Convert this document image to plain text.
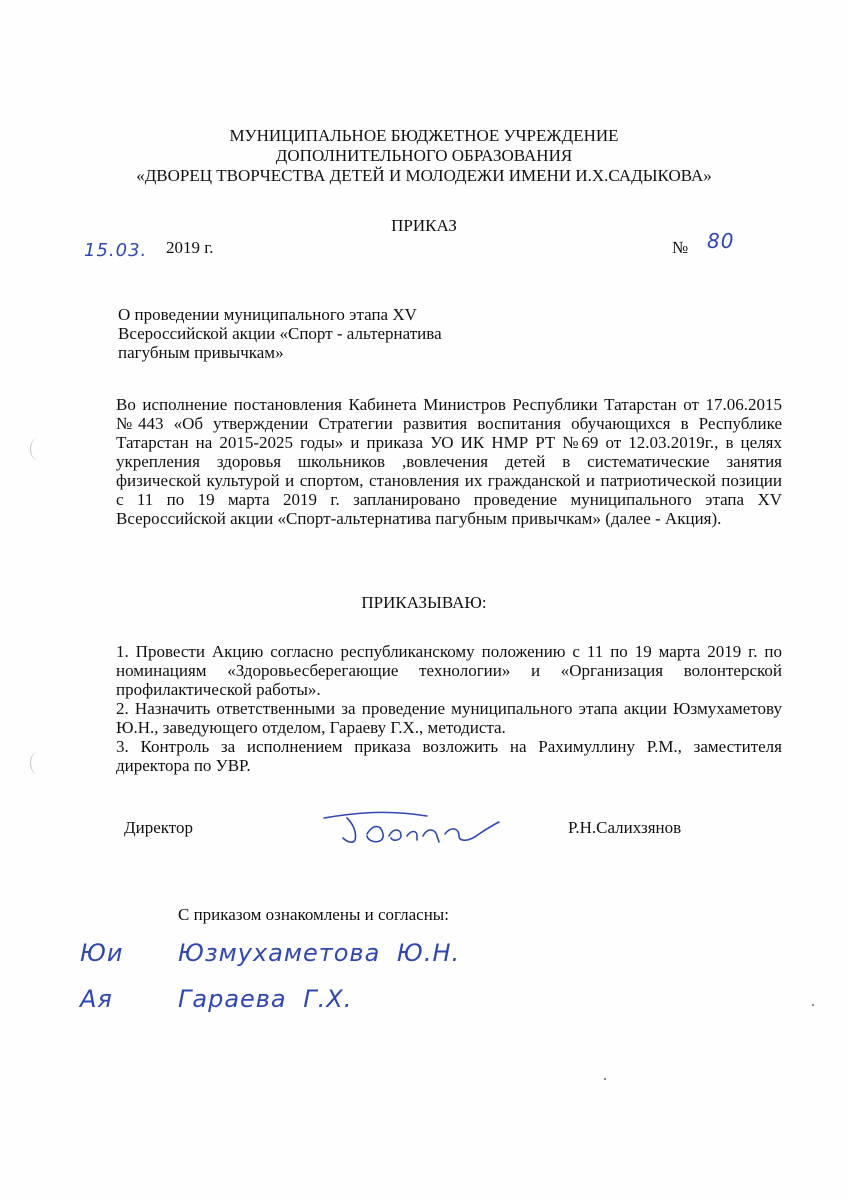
МУНИЦИПАЛЬНОЕ БЮДЖЕТНОЕ УЧРЕЖДЕНИЕ
ДОПОЛНИТЕЛЬНОГО ОБРАЗОВАНИЯ
«ДВОРЕЦ ТВОРЧЕСТВА ДЕТЕЙ И МОЛОДЕЖИ ИМЕНИ И.Х.САДЫКОВА»
ПРИКАЗ
15.03. 2019 г.	№ 80
О проведении муниципального этапа XV
Всероссийской акции «Спорт - альтернатива
пагубным привычкам»

Во исполнение постановления Кабинета Министров Республики Татарстан от 17.06.2015 №443 «Об утверждении Стратегии развития воспитания обучающихся в Республике Татарстан на 2015-2025 годы» и приказа УО ИК НМР РТ №69 от 12.03.2019г., в целях укрепления здоровья школьников ,вовлечения детей в систематические занятия физической культурой и спортом, становления их гражданской и патриотической позиции с 11 по 19 марта 2019 г. запланировано проведение муниципального этапа XV Всероссийской акции «Спорт-альтернатива пагубным привычкам» (далее - Акция).

ПРИКАЗЫВАЮ:

1. Провести Акцию согласно республиканскому положению с 11 по 19 марта 2019 г. по номинациям «Здоровьесберегающие технологии» и «Организация волонтерской профилактической работы».

2. Назначить ответственными за проведение муниципального этапа акции Юзмухаметову Ю.Н., заведующего отделом, Гараеву Г.Х., методиста.

3. Контроль за исполнением приказа возложить на Рахимуллину Р.М., заместителя директора по УВР.

Директор	Р.Н.Салихзянов
С приказом ознакомлены и согласны:
Юи Юзмухаметова Ю.Н.
Ая	Гараева Г.Х.
